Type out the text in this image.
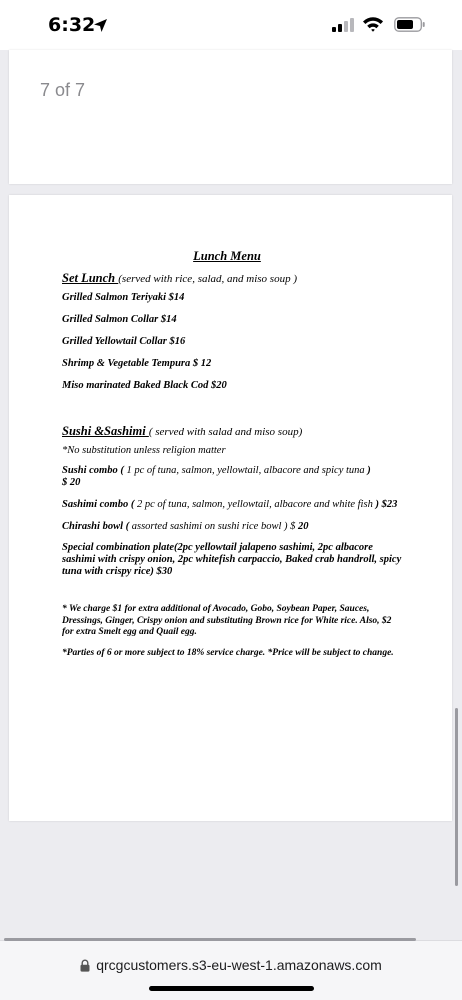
6:32
7 of 7
Lunch Menu
Set Lunch (served with rice, salad, and miso soup )
Grilled Salmon Teriyaki $14
Grilled Salmon Collar $14
Grilled Yellowtail Collar $16
Shrimp & Vegetable Tempura $ 12
Miso marinated Baked Black Cod $20
Sushi &Sashimi ( served with salad and miso soup)
*No substitution unless religion matter
Sushi combo ( 1 pc of tuna, salmon, yellowtail, albacore and spicy tuna )
$ 20
Sashimi combo ( 2 pc of tuna, salmon, yellowtail, albacore and white fish ) $23
Chirashi bowl ( assorted sashimi on sushi rice bowl ) $ 20
Special combination plate(2pc yellowtail jalapeno sashimi, 2pc albacore sashimi with crispy onion, 2pc whitefish carpaccio, Baked crab handroll, spicy tuna with crispy rice) $30
* We charge $1 for extra additional of Avocado, Gobo, Soybean Paper, Sauces, Dressings, Ginger, Crispy onion and substituting Brown rice for White rice. Also, $2 for extra Smelt egg and Quail egg.
*Parties of 6 or more subject to 18% service charge. *Price will be subject to change.
qrcgcustomers.s3-eu-west-1.amazonaws.com
